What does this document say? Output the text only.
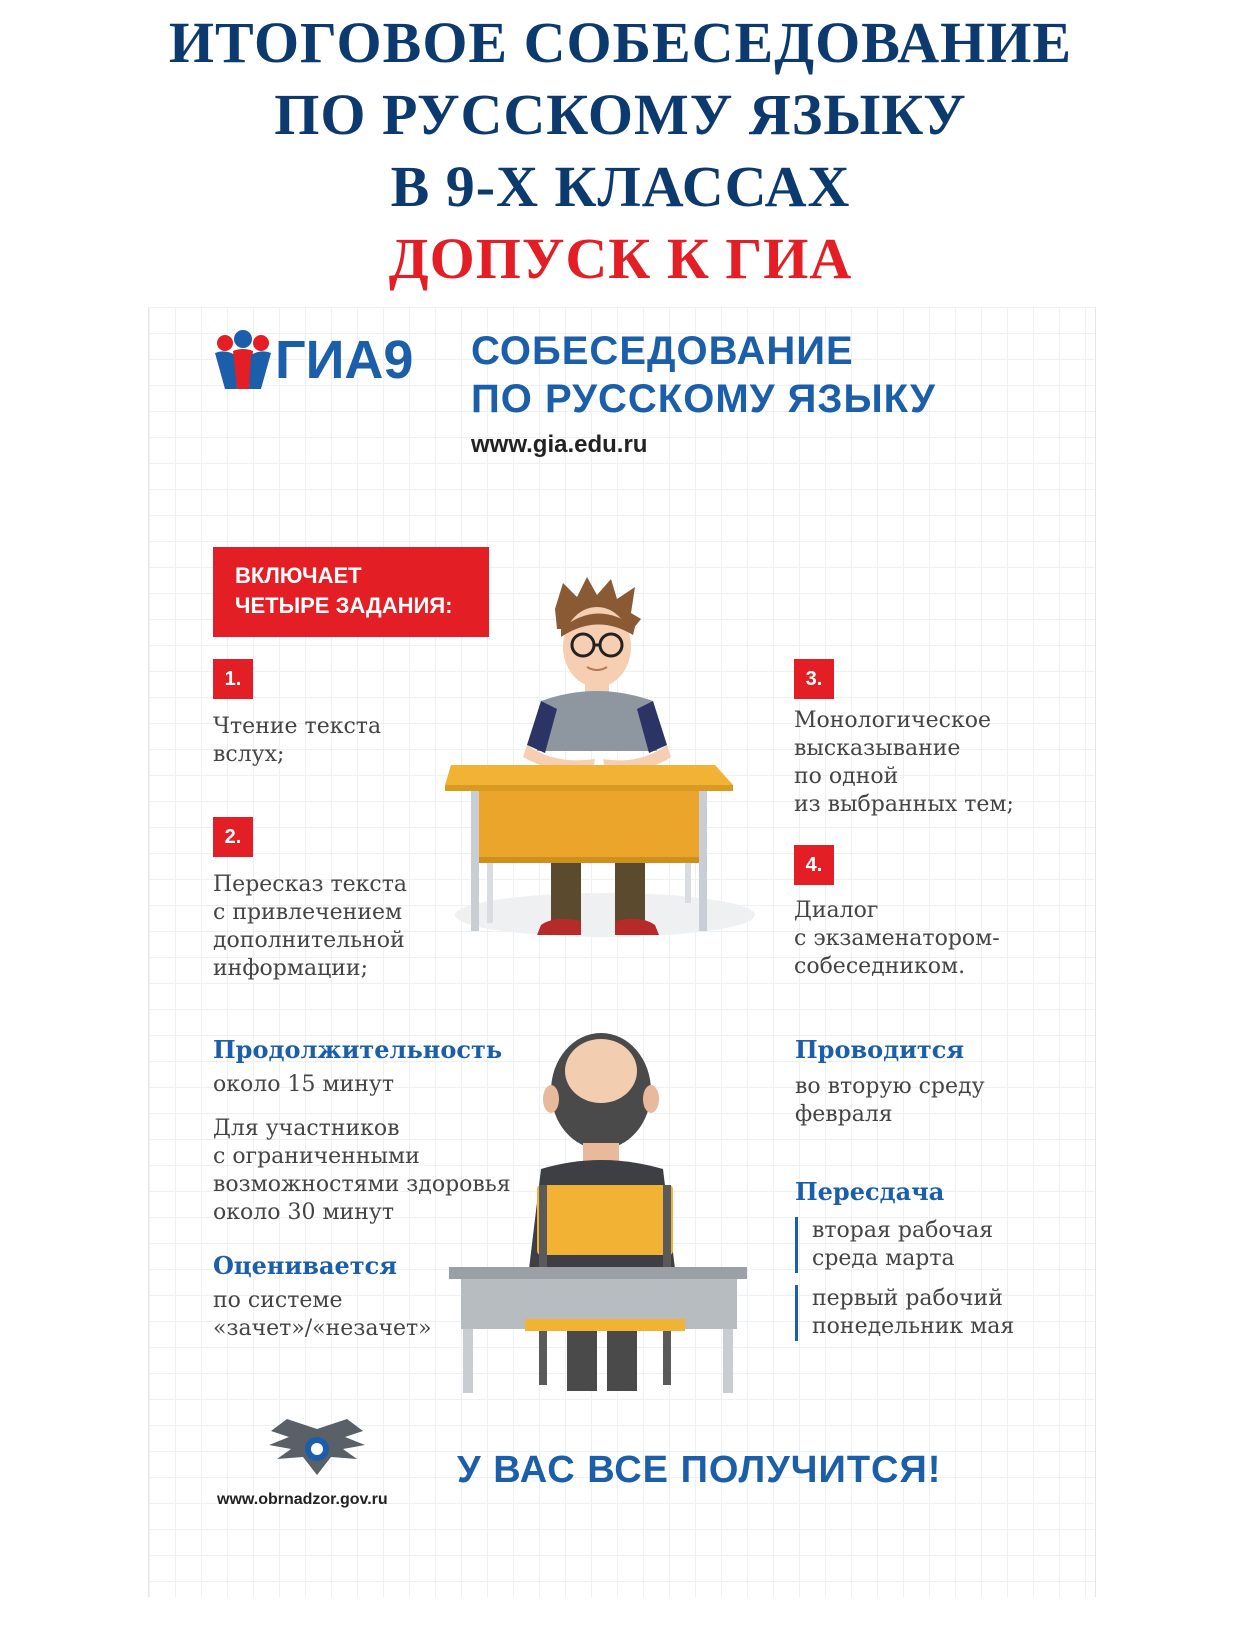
ИТОГОВОЕ СОБЕСЕДОВАНИЕ
ПО РУССКОМУ ЯЗЫКУ
В 9-Х КЛАССАХ
ДОПУСК К ГИА
ГИА9 СОБЕСЕДОВАНИЕ
ПО РУССКОМУ ЯЗЫКУ
www.gia.edu.ru
ВКЛЮЧАЕТ
ЧЕТЫРЕ ЗАДАНИЯ:
1.
Чтение текста
вслух;
2.
Пересказ текста
с привлечением
дополнительной
информации;
3.
Монологическое
высказывание
по одной
из выбранных тем;
4.
Диалог
с экзаменатором-
собеседником.
Продолжительность
около 15 минут
Для участников
с ограниченными
возможностями здоровья
около 30 минут
Оценивается
по системе
«зачет»/«незачет»
Проводится
во вторую среду
февраля
Пересдача
вторая рабочая
среда марта
первый рабочий
понедельник мая
www.obrnadzor.gov.ru
У ВАС ВСЕ ПОЛУЧИТСЯ!
